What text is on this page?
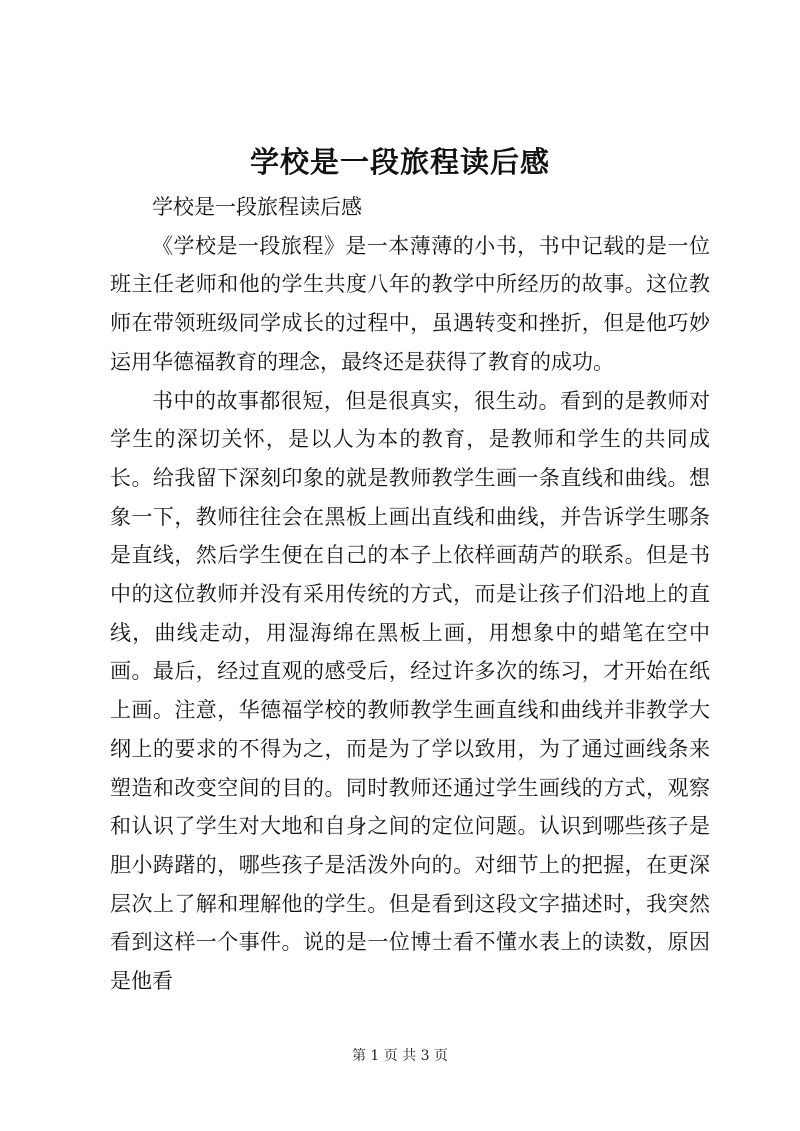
学校是一段旅程读后感

学校是一段旅程读后感

《学校是一段旅程》是一本薄薄的小书，书中记载的是一位班主任老师和他的学生共度八年的教学中所经历的故事。这位教师在带领班级同学成长的过程中，虽遇转变和挫折，但是他巧妙运用华德福教育的理念，最终还是获得了教育的成功。

书中的故事都很短，但是很真实，很生动。看到的是教师对学生的深切关怀，是以人为本的教育，是教师和学生的共同成长。给我留下深刻印象的就是教师教学生画一条直线和曲线。想象一下，教师往往会在黑板上画出直线和曲线，并告诉学生哪条是直线，然后学生便在自己的本子上依样画葫芦的联系。但是书中的这位教师并没有采用传统的方式，而是让孩子们沿地上的直线，曲线走动，用湿海绵在黑板上画，用想象中的蜡笔在空中画。最后，经过直观的感受后，经过许多次的练习，才开始在纸上画。注意，华德福学校的教师教学生画直线和曲线并非教学大纲上的要求的不得为之，而是为了学以致用，为了通过画线条来塑造和改变空间的目的。同时教师还通过学生画线的方式，观察和认识了学生对大地和自身之间的定位问题。认识到哪些孩子是胆小踌躇的，哪些孩子是活泼外向的。对细节上的把握，在更深层次上了解和理解他的学生。但是看到这段文字描述时，我突然看到这样一个事件。说的是一位博士看不懂水表上的读数，原因是他看

第 1 页 共 3 页
